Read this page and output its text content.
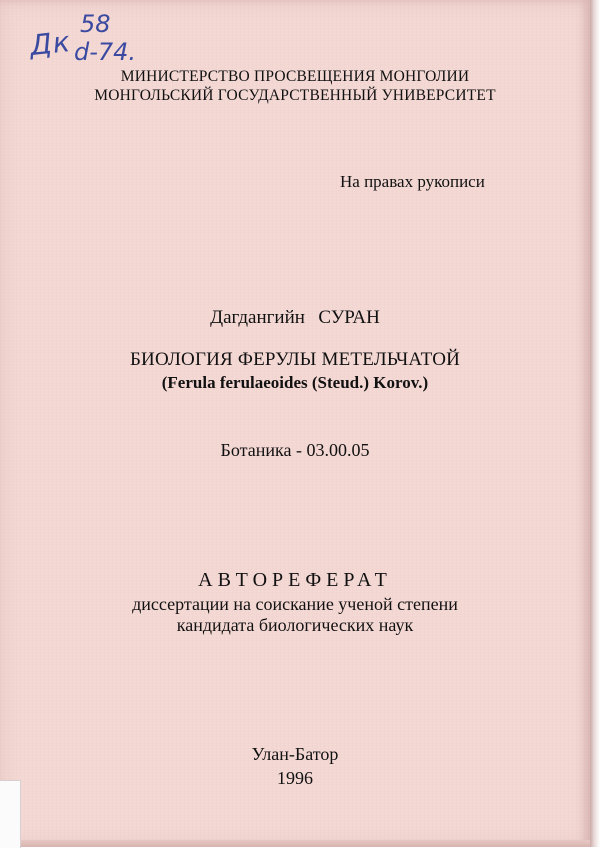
Дк
58
d-74.
МИНИСТЕРСТВО ПРОСВЕЩЕНИЯ МОНГОЛИИ
МОНГОЛЬСКИЙ ГОСУДАРСТВЕННЫЙ УНИВЕРСИТЕТ
На правах рукописи
Дагдангийн  СУРАН
БИОЛОГИЯ ФЕРУЛЫ МЕТЕЛЬЧАТОЙ
(Ferula ferulaeoides (Steud.) Korov.)
Ботаника - 03.00.05
АВТОРЕФЕРАТ
диссертации на соискание ученой степени
кандидата биологических наук
Улан-Батор
1996
